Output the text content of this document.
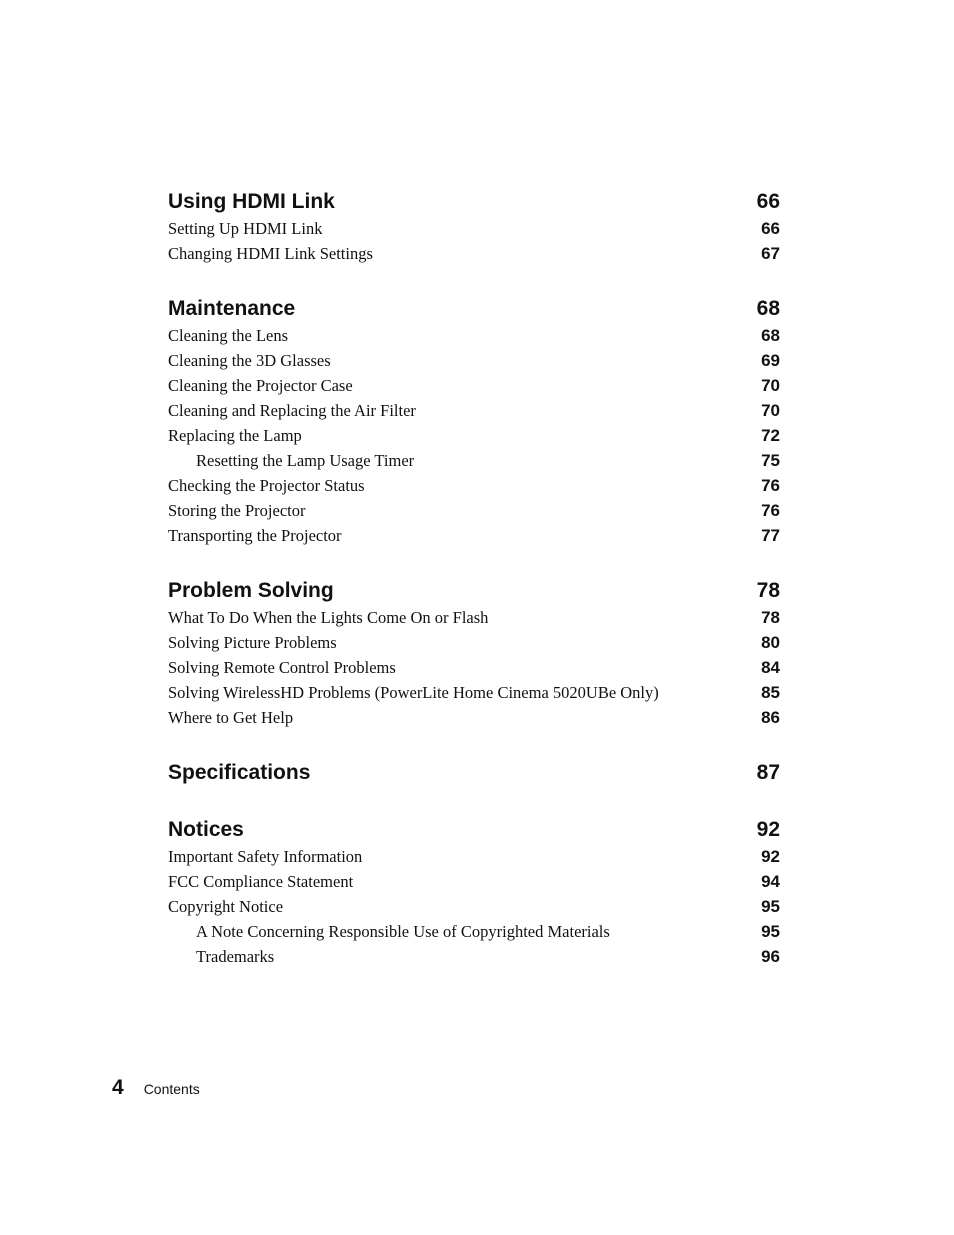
Using HDMI Link	66
Setting Up HDMI Link	66
Changing HDMI Link Settings	67
Maintenance	68
Cleaning the Lens	68
Cleaning the 3D Glasses	69
Cleaning the Projector Case	70
Cleaning and Replacing the Air Filter	70
Replacing the Lamp	72
Resetting the Lamp Usage Timer	75
Checking the Projector Status	76
Storing the Projector	76
Transporting the Projector	77
Problem Solving	78
What To Do When the Lights Come On or Flash	78
Solving Picture Problems	80
Solving Remote Control Problems	84
Solving WirelessHD Problems (PowerLite Home Cinema 5020UBe Only)	85
Where to Get Help	86
Specifications	87
Notices	92
Important Safety Information	92
FCC Compliance Statement	94
Copyright Notice	95
A Note Concerning Responsible Use of Copyrighted Materials	95
Trademarks	96
4 Contents
